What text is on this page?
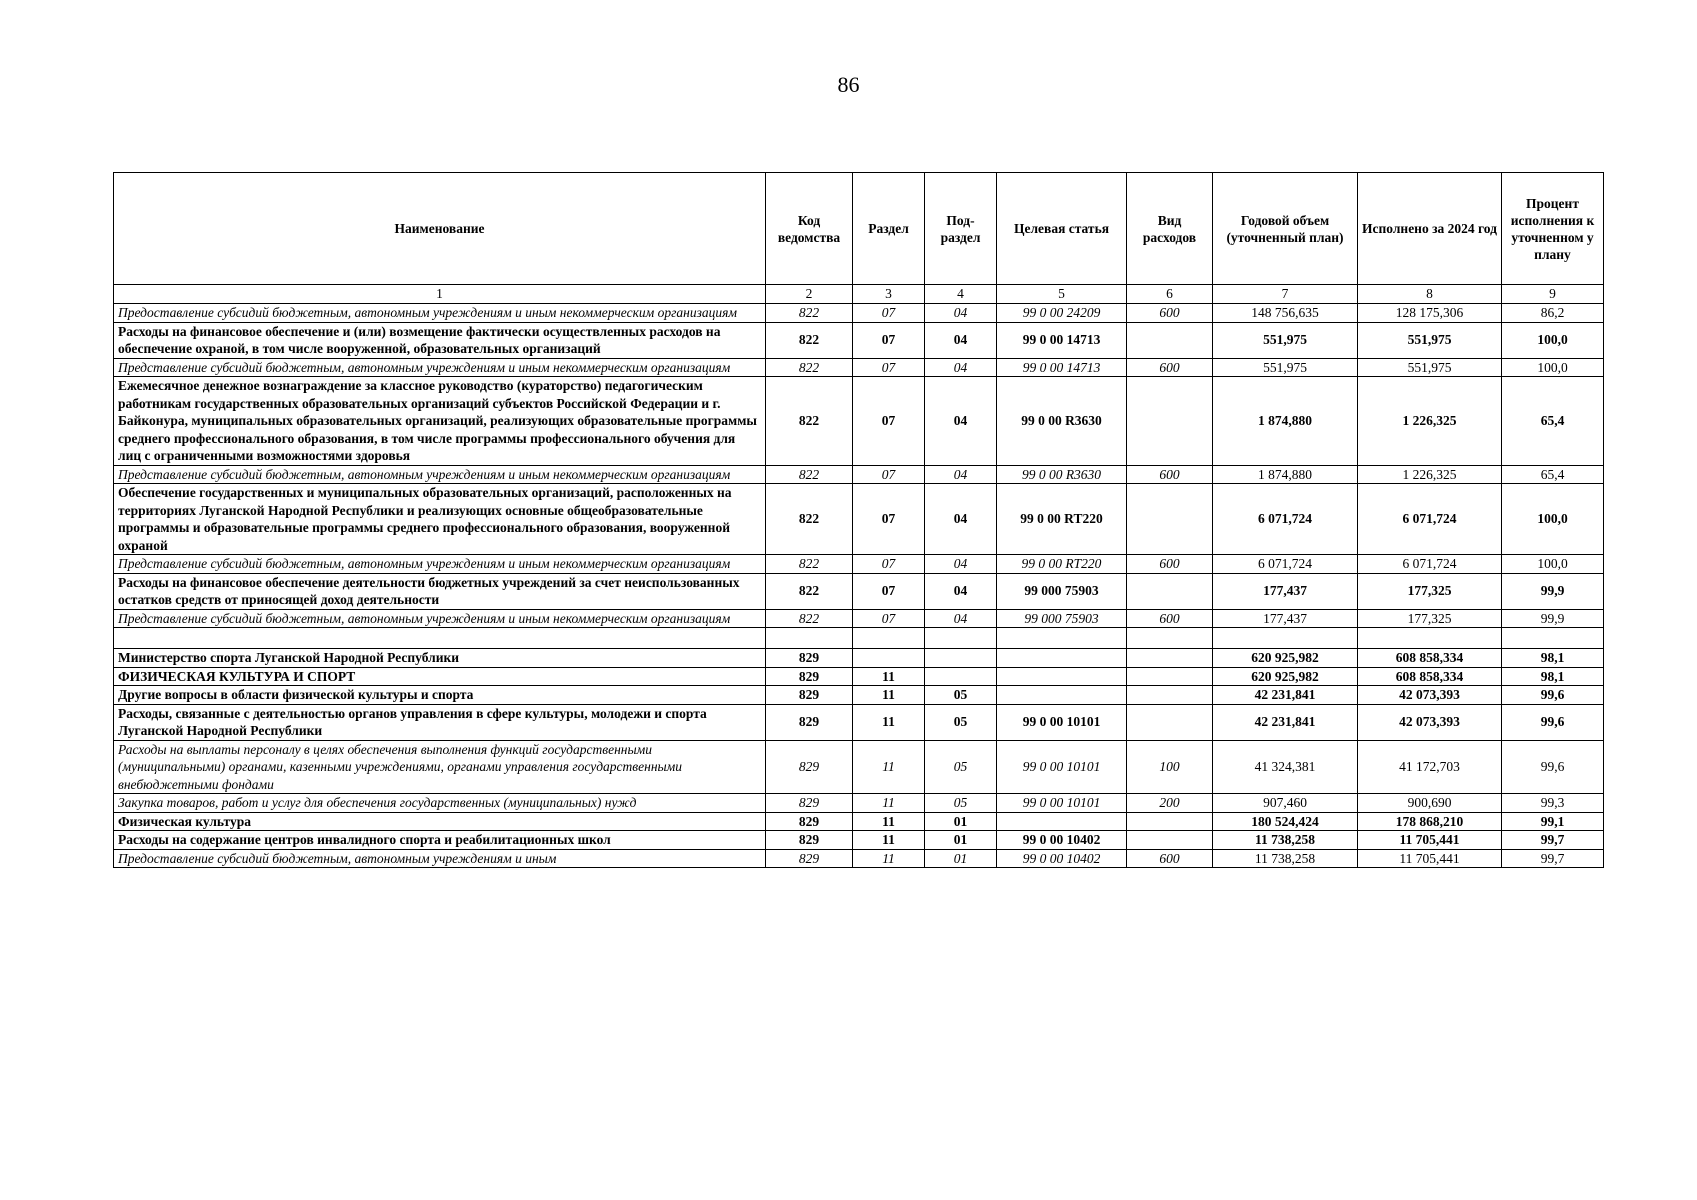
86
Наименование	Код ведомства	Раздел	Под-раздел	Целевая статья	Вид расходов	Годовой объем (уточненный план)	Исполнено за 2024 год	Процент исполнения к уточненном у плану
1	2	3	4	5	6	7	8	9
Предоставление субсидий бюджетным, автономным учреждениям и иным некоммерческим организациям	822	07	04	99 0 00 24209	600	148 756,635	128 175,306	86,2
Расходы на финансовое обеспечение и (или) возмещение фактически осуществленных расходов на обеспечение охраной, в том числе вооруженной, образовательных организаций	822	07	04	99 0 00 14713		551,975	551,975	100,0
Представление субсидий бюджетным, автономным учреждениям и иным некоммерческим организациям	822	07	04	99 0 00 14713	600	551,975	551,975	100,0
Ежемесячное денежное вознаграждение за классное руководство (кураторство) педагогическим работникам государственных образовательных организаций субъектов Российской Федерации и г. Байконура, муниципальных образовательных организаций, реализующих образовательные программы среднего профессионального образования, в том числе программы профессионального обучения для лиц с ограниченными возможностями здоровья	822	07	04	99 0 00 R3630		1 874,880	1 226,325	65,4
Представление субсидий бюджетным, автономным учреждениям и иным некоммерческим организациям	822	07	04	99 0 00 R3630	600	1 874,880	1 226,325	65,4
Обеспечение государственных и муниципальных образовательных организаций, расположенных на территориях Луганской Народной Республики и реализующих основные общеобразовательные программы и образовательные программы среднего профессионального образования, вооруженной охраной	822	07	04	99 0 00 RT220		6 071,724	6 071,724	100,0
Представление субсидий бюджетным, автономным учреждениям и иным некоммерческим организациям	822	07	04	99 0 00 RT220	600	6 071,724	6 071,724	100,0
Расходы на финансовое обеспечение деятельности бюджетных учреждений за счет неиспользованных остатков средств от приносящей доход деятельности	822	07	04	99 000 75903		177,437	177,325	99,9
Представление субсидий бюджетным, автономным учреждениям и иным некоммерческим организациям	822	07	04	99 000 75903	600	177,437	177,325	99,9

Министерство спорта Луганской Народной Республики	829					620 925,982	608 858,334	98,1
ФИЗИЧЕСКАЯ КУЛЬТУРА И СПОРТ	829	11				620 925,982	608 858,334	98,1
Другие вопросы в области физической культуры и спорта	829	11	05			42 231,841	42 073,393	99,6
Расходы, связанные с деятельностью органов управления в сфере культуры, молодежи и спорта Луганской Народной Республики	829	11	05	99 0 00 10101		42 231,841	42 073,393	99,6
Расходы на выплаты персоналу в целях обеспечения выполнения функций государственными (муниципальными) органами, казенными учреждениями, органами управления государственными внебюджетными фондами	829	11	05	99 0 00 10101	100	41 324,381	41 172,703	99,6
Закупка товаров, работ и услуг для обеспечения государственных (муниципальных) нужд	829	11	05	99 0 00 10101	200	907,460	900,690	99,3
Физическая культура	829	11	01			180 524,424	178 868,210	99,1
Расходы на содержание центров инвалидного спорта и реабилитационных школ	829	11	01	99 0 00 10402		11 738,258	11 705,441	99,7
Предоставление субсидий бюджетным, автономным учреждениям и иным	829	11	01	99 0 00 10402	600	11 738,258	11 705,441	99,7
